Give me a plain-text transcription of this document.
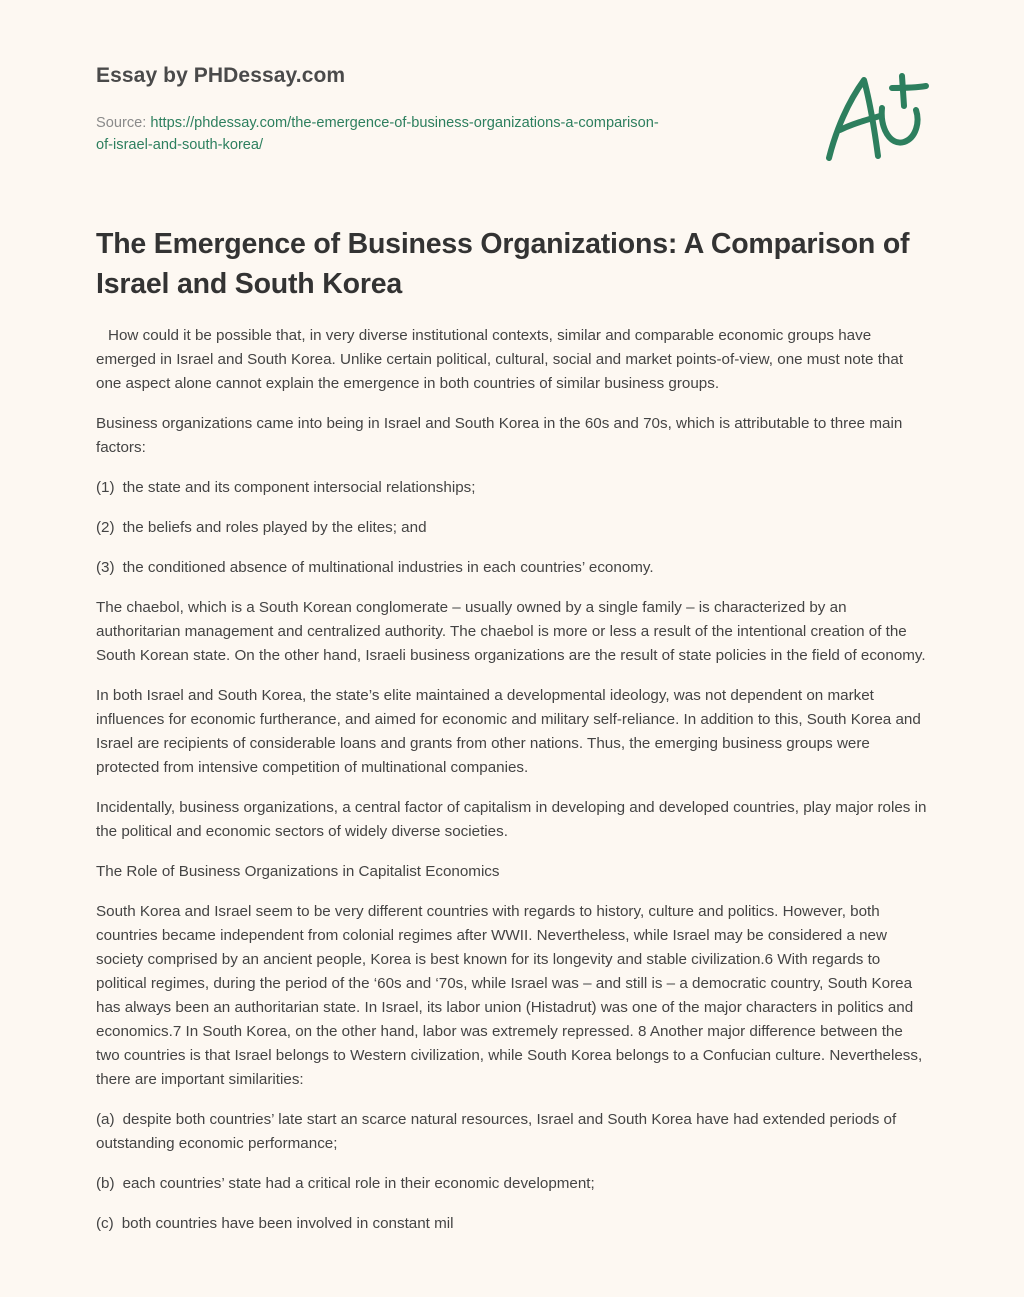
Essay by PHDessay.com
Source: https://phdessay.com/the-emergence-of-business-organizations-a-comparison-
of-israel-and-south-korea/
The Emergence of Business Organizations: A Comparison of Israel and South Korea

How could it be possible that, in very diverse institutional contexts, similar and comparable economic groups have emerged in Israel and South Korea. Unlike certain political, cultural, social and market points-of-view, one must note that one aspect alone cannot explain the emergence in both countries of similar business groups.

Business organizations came into being in Israel and South Korea in the 60s and 70s, which is attributable to three main factors:

(1) the state and its component intersocial relationships;

(2) the beliefs and roles played by the elites; and

(3) the conditioned absence of multinational industries in each countries’ economy.

The chaebol, which is a South Korean conglomerate – usually owned by a single family – is characterized by an authoritarian management and centralized authority. The chaebol is more or less a result of the intentional creation of the South Korean state. On the other hand, Israeli business organizations are the result of state policies in the field of economy.

In both Israel and South Korea, the state’s elite maintained a developmental ideology, was not dependent on market influences for economic furtherance, and aimed for economic and military self-reliance. In addition to this, South Korea and Israel are recipients of considerable loans and grants from other nations. Thus, the emerging business groups were protected from intensive competition of multinational companies.

Incidentally, business organizations, a central factor of capitalism in developing and developed countries, play major roles in the political and economic sectors of widely diverse societies.

The Role of Business Organizations in Capitalist Economics

South Korea and Israel seem to be very different countries with regards to history, culture and politics. However, both countries became independent from colonial regimes after WWII. Nevertheless, while Israel may be considered a new society comprised by an ancient people, Korea is best known for its longevity and stable civilization.6 With regards to political regimes, during the period of the ‘60s and ‘70s, while Israel was – and still is – a democratic country, South Korea has always been an authoritarian state. In Israel, its labor union (Histadrut) was one of the major characters in politics and economics.7 In South Korea, on the other hand, labor was extremely repressed. 8 Another major difference between the two countries is that Israel belongs to Western civilization, while South Korea belongs to a Confucian culture. Nevertheless, there are important similarities:

(a) despite both countries’ late start an scarce natural resources, Israel and South Korea have had extended periods of outstanding economic performance;

(b) each countries’ state had a critical role in their economic development;

(c) both countries have been involved in constant mil
